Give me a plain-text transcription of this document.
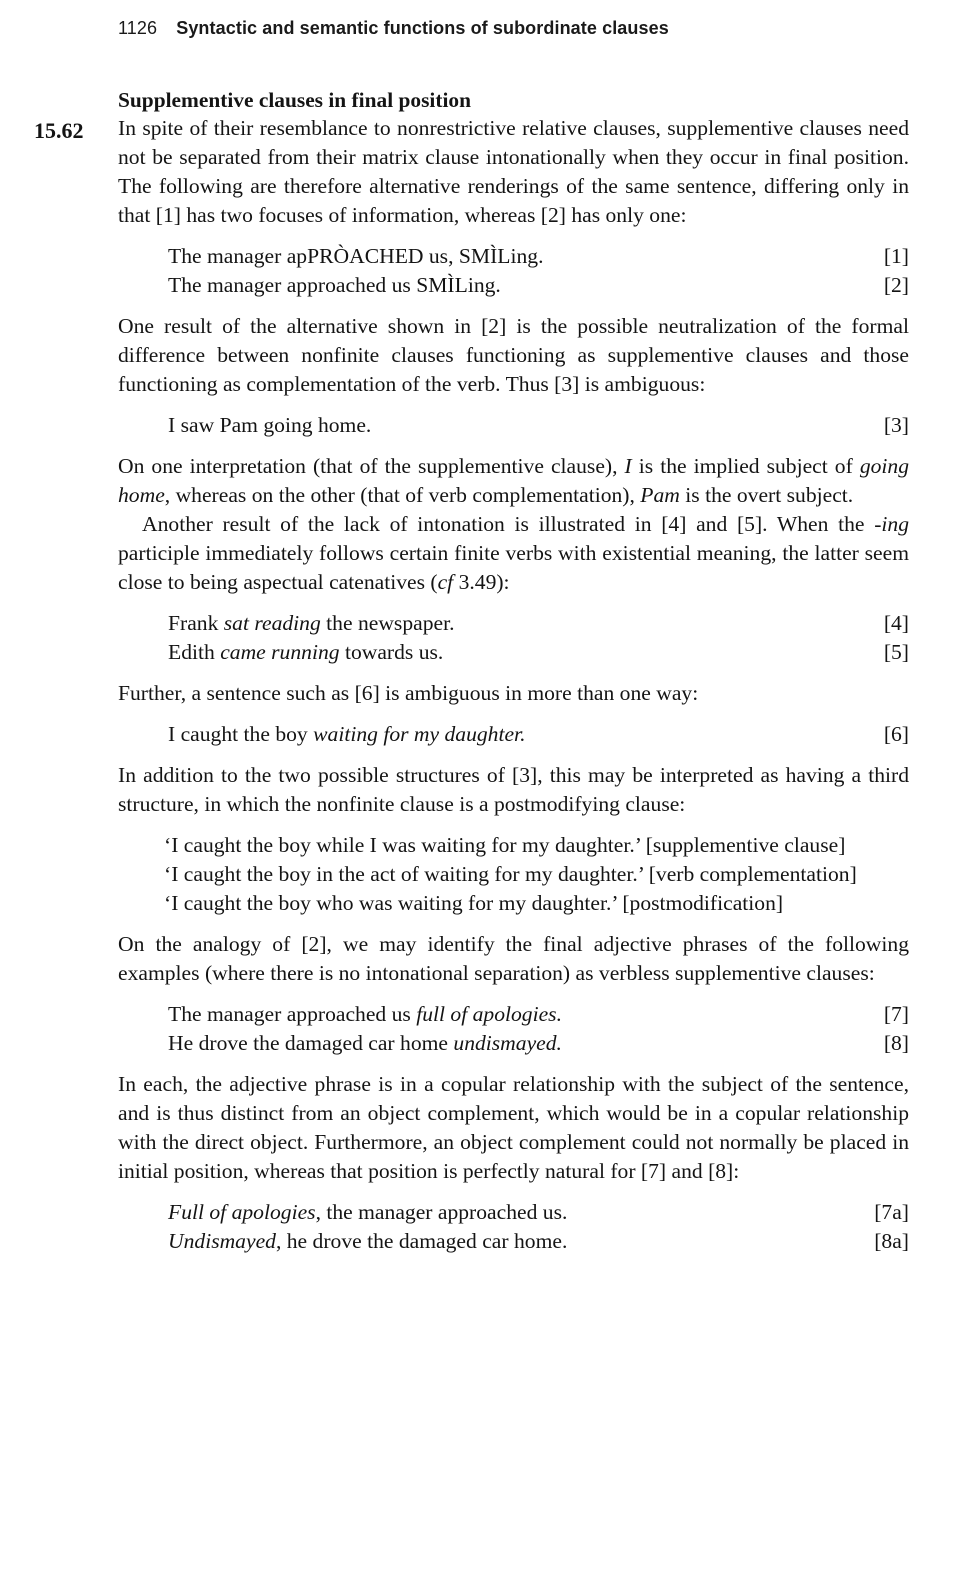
1126 Syntactic and semantic functions of subordinate clauses
15.62

Supplementive clauses in final position

In spite of their resemblance to nonrestrictive relative clauses, supplementive clauses need not be separated from their matrix clause intonationally when they occur in final position. The following are therefore alternative renderings of the same sentence, differing only in that [1] has two focuses of information, whereas [2] has only one:

The manager apPRÒACHED us, SMÌLing.	[1]
The manager approached us SMÌLing.	[2]

One result of the alternative shown in [2] is the possible neutralization of the formal difference between nonfinite clauses functioning as supplementive clauses and those functioning as complementation of the verb. Thus [3] is ambiguous:

I saw Pam going home.	[3]

On one interpretation (that of the supplementive clause), I is the implied subject of going home, whereas on the other (that of verb complementation), Pam is the overt subject.

Another result of the lack of intonation is illustrated in [4] and [5]. When the -ing participle immediately follows certain finite verbs with existential meaning, the latter seem close to being aspectual catenatives (cf 3.49):

Frank sat reading the newspaper.	[4]
Edith came running towards us.	[5]

Further, a sentence such as [6] is ambiguous in more than one way:

I caught the boy waiting for my daughter.	[6]

In addition to the two possible structures of [3], this may be interpreted as having a third structure, in which the nonfinite clause is a postmodifying clause:

‘I caught the boy while I was waiting for my daughter.’ [supplementive clause]
‘I caught the boy in the act of waiting for my daughter.’ [verb complementation]
‘I caught the boy who was waiting for my daughter.’ [postmodification]

On the analogy of [2], we may identify the final adjective phrases of the following examples (where there is no intonational separation) as verbless supplementive clauses:

The manager approached us full of apologies.	[7]
He drove the damaged car home undismayed.	[8]

In each, the adjective phrase is in a copular relationship with the subject of the sentence, and is thus distinct from an object complement, which would be in a copular relationship with the direct object. Furthermore, an object complement could not normally be placed in initial position, whereas that position is perfectly natural for [7] and [8]:

Full of apologies, the manager approached us.	[7a]
Undismayed, he drove the damaged car home.	[8a]
